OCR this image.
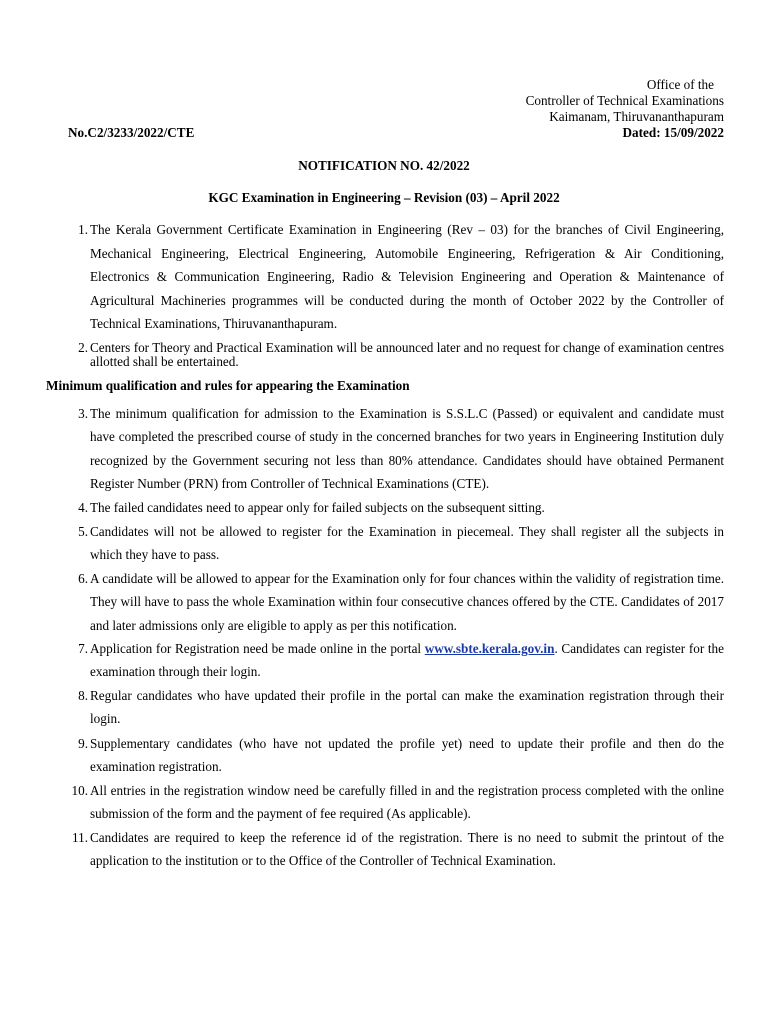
Office of the
Controller of Technical Examinations
Kaimanam, Thiruvananthapuram
No.C2/3233/2022/CTE	Dated: 15/09/2022
NOTIFICATION NO. 42/2022
KGC Examination in Engineering – Revision (03) – April 2022
1. The Kerala Government Certificate Examination in Engineering (Rev – 03) for the branches of Civil Engineering, Mechanical Engineering, Electrical Engineering, Automobile Engineering, Refrigeration & Air Conditioning, Electronics & Communication Engineering, Radio & Television Engineering and Operation & Maintenance of Agricultural Machineries programmes will be conducted during the month of October 2022 by the Controller of Technical Examinations, Thiruvananthapuram.
2. Centers for Theory and Practical Examination will be announced later and no request for change of examination centres allotted shall be entertained.
Minimum qualification and rules for appearing the Examination
3. The minimum qualification for admission to the Examination is S.S.L.C (Passed) or equivalent and candidate must have completed the prescribed course of study in the concerned branches for two years in Engineering Institution duly recognized by the Government securing not less than 80% attendance. Candidates should have obtained Permanent Register Number (PRN) from Controller of Technical Examinations (CTE).
4. The failed candidates need to appear only for failed subjects on the subsequent sitting.
5. Candidates will not be allowed to register for the Examination in piecemeal. They shall register all the subjects in which they have to pass.
6. A candidate will be allowed to appear for the Examination only for four chances within the validity of registration time. They will have to pass the whole Examination within four consecutive chances offered by the CTE. Candidates of 2017 and later admissions only are eligible to apply as per this notification.
7. Application for Registration need be made online in the portal www.sbte.kerala.gov.in. Candidates can register for the examination through their login.
8. Regular candidates who have updated their profile in the portal can make the examination registration through their login.
9. Supplementary candidates (who have not updated the profile yet) need to update their profile and then do the examination registration.
10. All entries in the registration window need be carefully filled in and the registration process completed with the online submission of the form and the payment of fee required (As applicable).
11. Candidates are required to keep the reference id of the registration. There is no need to submit the printout of the application to the institution or to the Office of the Controller of Technical Examination.
